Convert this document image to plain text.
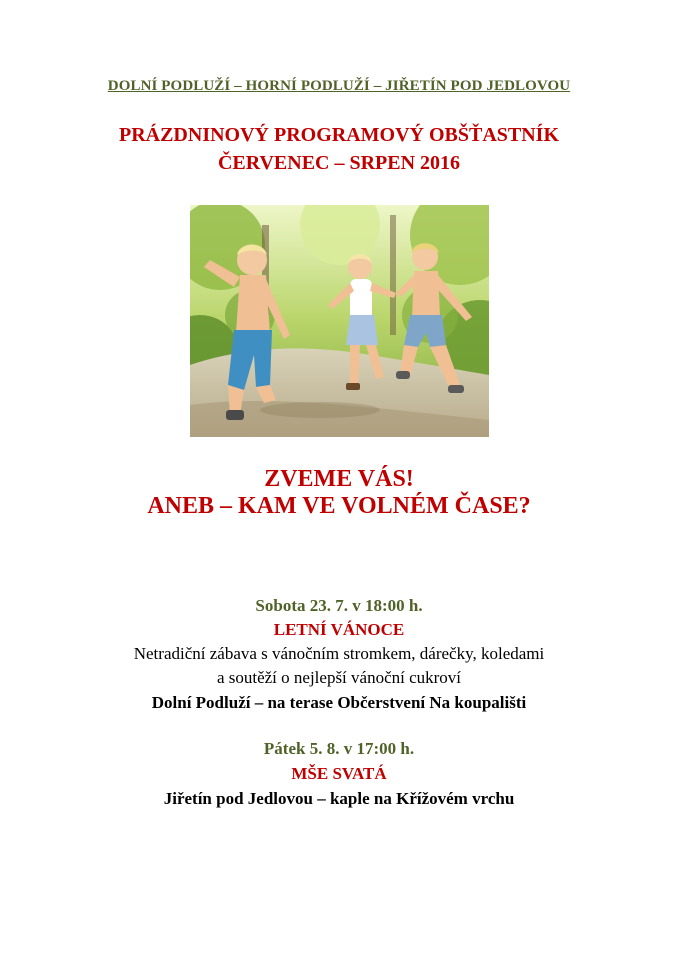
DOLNÍ PODLUŽÍ – HORNÍ PODLUŽÍ – JIŘETÍN POD JEDLOVOU
PRÁZDNINOVÝ PROGRAMOVÝ OBŠŤASTNÍK
ČERVENEC – SRPEN 2016
ZVEME VÁS!
ANEB – KAM VE VOLNÉM ČASE?
Sobota 23. 7. v 18:00 h.
LETNÍ VÁNOCE
Netradiční zábava s vánočním stromkem, dárečky, koledami
a soutěží o nejlepší vánoční cukroví
Dolní Podluží – na terase Občerstvení Na koupališti
Pátek 5. 8. v 17:00 h.
MŠE SVATÁ
Jiřetín pod Jedlovou – kaple na Křížovém vrchu
